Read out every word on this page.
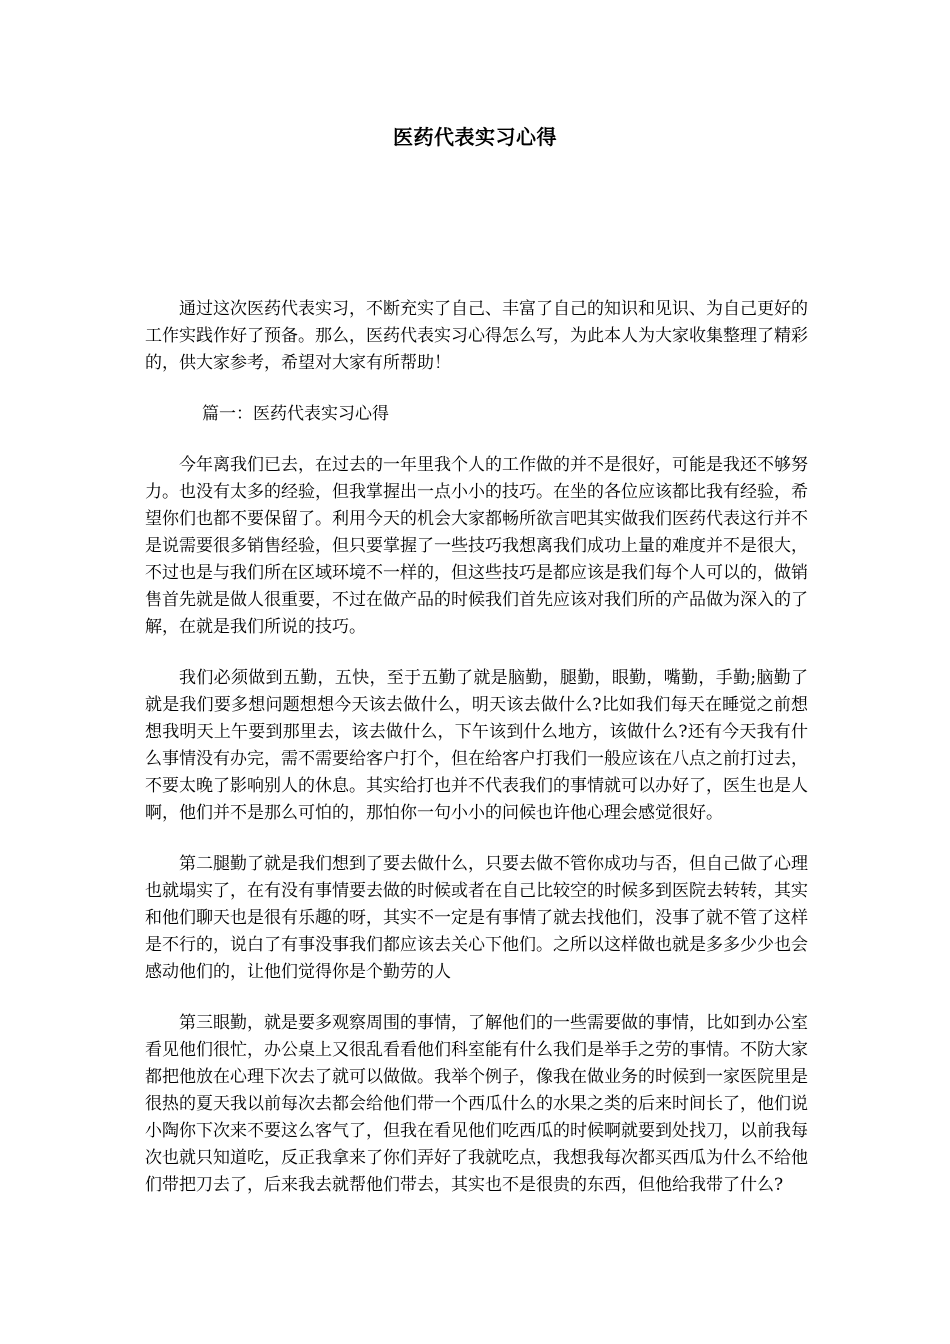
医药代表实习心得

通过这次医药代表实习，不断充实了自己、丰富了自己的知识和见识、为自己更好的工作实践作好了预备。那么，医药代表实习心得怎么写，为此本人为大家收集整理了精彩的，供大家参考，希望对大家有所帮助！

篇一：医药代表实习心得

今年离我们已去，在过去的一年里我个人的工作做的并不是很好，可能是我还不够努力。也没有太多的经验，但我掌握出一点小小的技巧。在坐的各位应该都比我有经验，希望你们也都不要保留了。利用今天的机会大家都畅所欲言吧其实做我们医药代表这行并不是说需要很多销售经验，但只要掌握了一些技巧我想离我们成功上量的难度并不是很大，不过也是与我们所在区域环境不一样的，但这些技巧是都应该是我们每个人可以的，做销售首先就是做人很重要，不过在做产品的时候我们首先应该对我们所的产品做为深入的了解，在就是我们所说的技巧。

我们必须做到五勤，五快，至于五勤了就是脑勤，腿勤，眼勤，嘴勤，手勤;脑勤了就是我们要多想问题想想今天该去做什么，明天该去做什么?比如我们每天在睡觉之前想想我明天上午要到那里去，该去做什么，下午该到什么地方，该做什么?还有今天我有什么事情没有办完，需不需要给客户打个，但在给客户打我们一般应该在八点之前打过去，不要太晚了影响别人的休息。其实给打也并不代表我们的事情就可以办好了，医生也是人啊，他们并不是那么可怕的，那怕你一句小小的问候也许他心理会感觉很好。

第二腿勤了就是我们想到了要去做什么，只要去做不管你成功与否，但自己做了心理也就塌实了，在有没有事情要去做的时候或者在自己比较空的时候多到医院去转转，其实和他们聊天也是很有乐趣的呀，其实不一定是有事情了就去找他们，没事了就不管了这样是不行的，说白了有事没事我们都应该去关心下他们。之所以这样做也就是多多少少也会感动他们的，让他们觉得你是个勤劳的人

第三眼勤，就是要多观察周围的事情，了解他们的一些需要做的事情，比如到办公室看见他们很忙，办公桌上又很乱看看他们科室能有什么我们是举手之劳的事情。不防大家都把他放在心理下次去了就可以做做。我举个例子，像我在做业务的时候到一家医院里是很热的夏天我以前每次去都会给他们带一个西瓜什么的水果之类的后来时间长了，他们说小陶你下次来不要这么客气了，但我在看见他们吃西瓜的时候啊就要到处找刀，以前我每次也就只知道吃，反正我拿来了你们弄好了我就吃点，我想我每次都买西瓜为什么不给他们带把刀去了，后来我去就帮他们带去，其实也不是很贵的东西，但他给我带了什么?
